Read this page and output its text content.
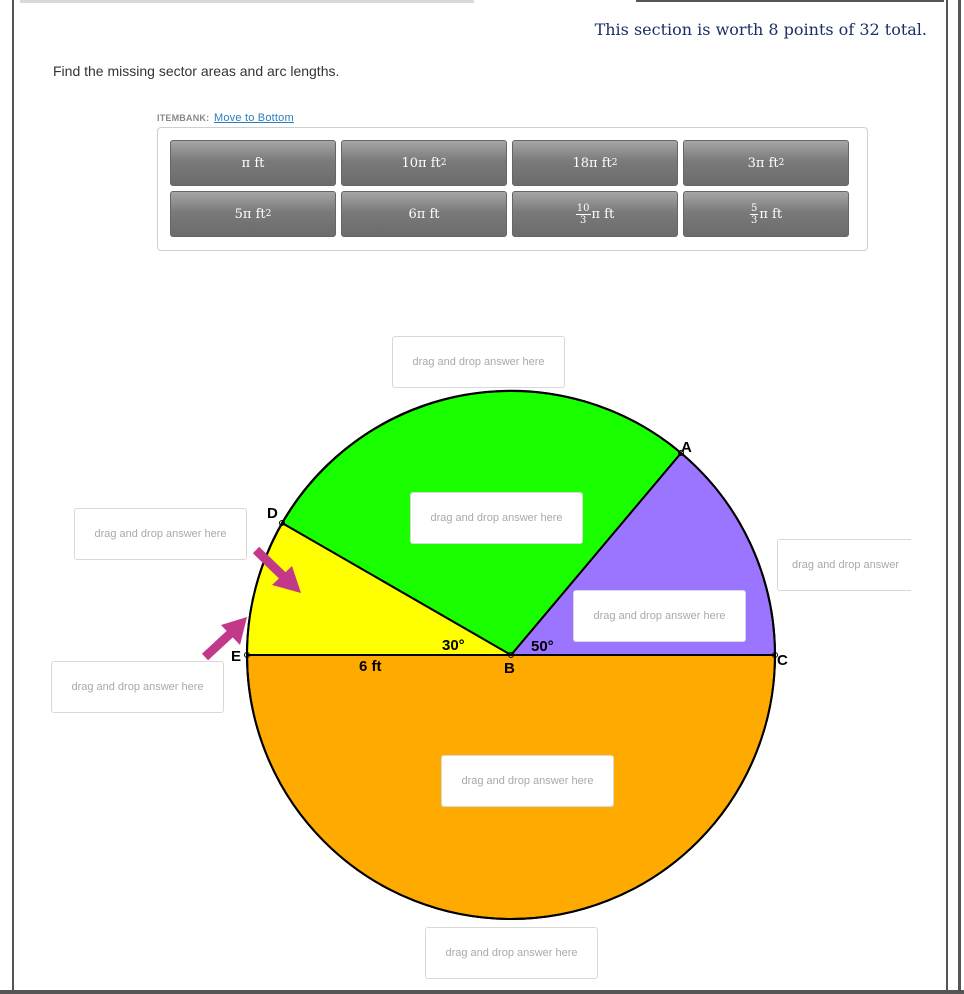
This section is worth 8 points of 32 total.
Find the missing sector areas and arc lengths.
ITEMBANK: Move to Bottom
π ft	10π ft 2	18π ft 2	3π ft 2
5π ft 2	6π ft	$\frac{10}{3}$ π ft	$\frac{5}{3}$ π ft
A
B	C
D
E
30°	50°
6 ft
drag and drop answer here
drag and drop answer here
drag and drop answer here
drag and drop answer
drag and drop answer here
drag and drop answer here
drag and drop answer here
drag and drop answer here
